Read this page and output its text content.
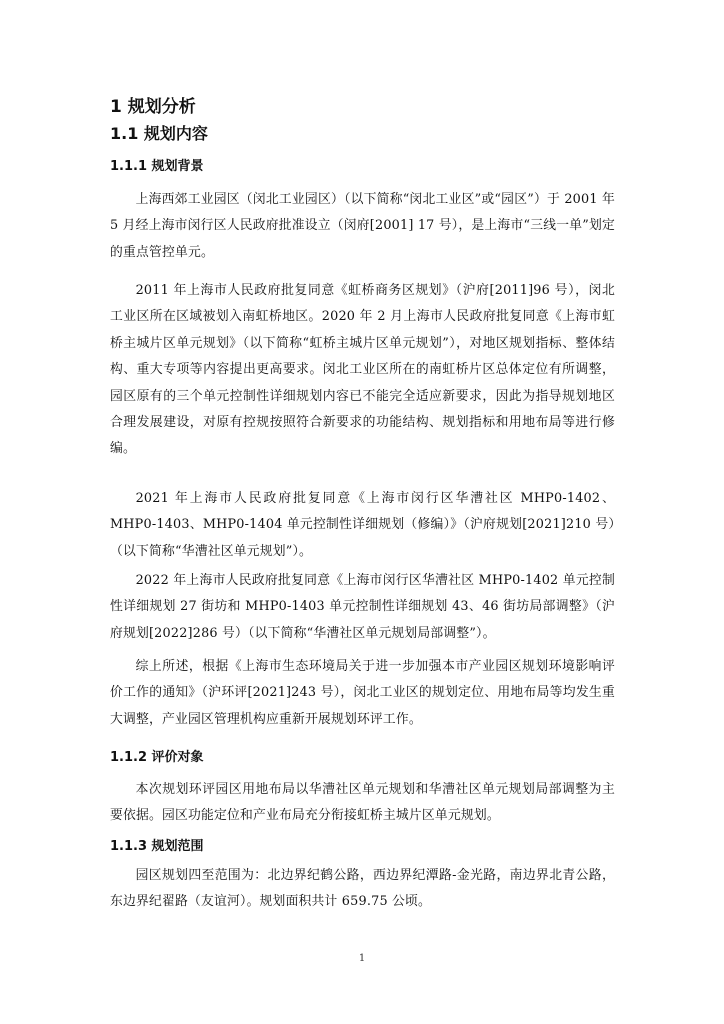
1 规划分析
1.1 规划内容
1.1.1 规划背景

上海西郊工业园区（闵北工业园区）（以下简称“闵北工业区”或“园区”）于 2001 年 5 月经上海市闵行区人民政府批准设立（闵府[2001] 17 号），是上海市“三线一单”划定的重点管控单元。

2011 年上海市人民政府批复同意《虹桥商务区规划》（沪府[2011]96 号），闵北工业区所在区域被划入南虹桥地区。2020 年 2 月上海市人民政府批复同意《上海市虹桥主城片区单元规划》（以下简称“虹桥主城片区单元规划”），对地区规划指标、整体结构、重大专项等内容提出更高要求。闵北工业区所在的南虹桥片区总体定位有所调整，园区原有的三个单元控制性详细规划内容已不能完全适应新要求，因此为指导规划地区合理发展建设，对原有控规按照符合新要求的功能结构、规划指标和用地布局等进行修编。

2021 年上海市人民政府批复同意《上海市闵行区华漕社区 MHP0-1402、MHP0-1403、MHP0-1404 单元控制性详细规划（修编）》（沪府规划[2021]210 号）（以下简称“华漕社区单元规划”）。

2022 年上海市人民政府批复同意《上海市闵行区华漕社区 MHP0-1402 单元控制性详细规划 27 街坊和 MHP0-1403 单元控制性详细规划 43、46 街坊局部调整》（沪府规划[2022]286 号）（以下简称“华漕社区单元规划局部调整”）。

综上所述，根据《上海市生态环境局关于进一步加强本市产业园区规划环境影响评价工作的通知》（沪环评[2021]243 号），闵北工业区的规划定位、用地布局等均发生重大调整，产业园区管理机构应重新开展规划环评工作。

1.1.2 评价对象

本次规划环评园区用地布局以华漕社区单元规划和华漕社区单元规划局部调整为主要依据。园区功能定位和产业布局充分衔接虹桥主城片区单元规划。

1.1.3 规划范围

园区规划四至范围为：北边界纪鹤公路，西边界纪潭路-金光路，南边界北青公路，东边界纪翟路（友谊河）。规划面积共计 659.75 公顷。

1
